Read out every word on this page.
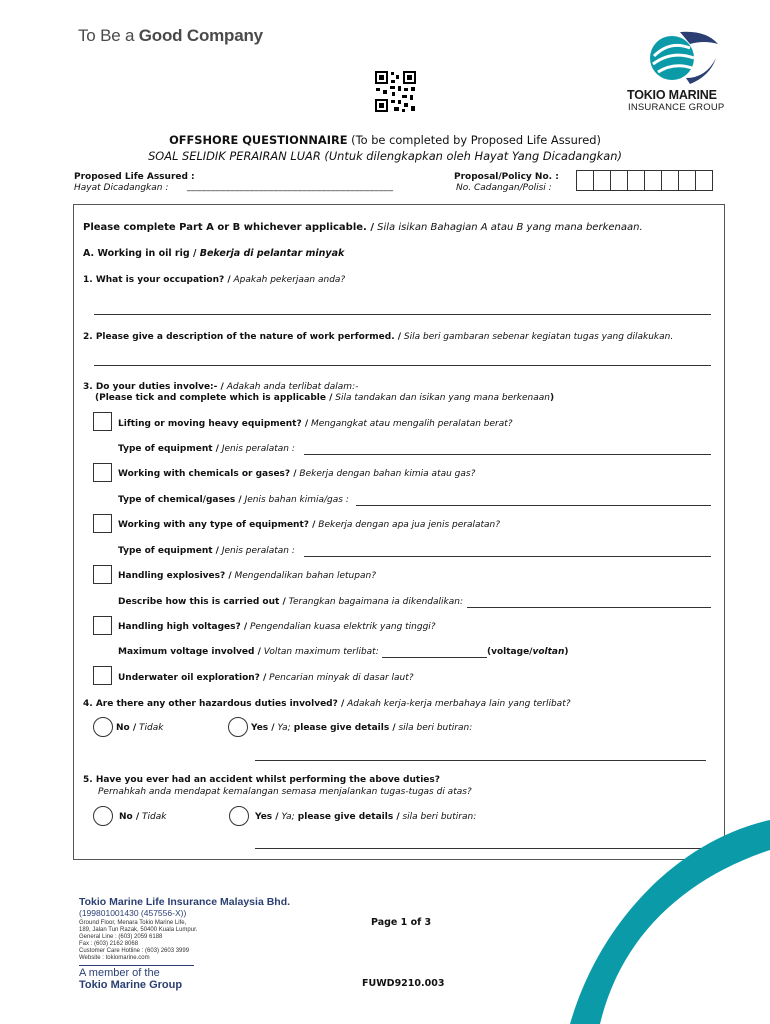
To Be a Good Company
TOKIO MARINE
INSURANCE GROUP
OFFSHORE QUESTIONNAIRE (To be completed by Proposed Life Assured)
SOAL SELIDIK PERAIRAN LUAR (Untuk dilengkapkan oleh Hayat Yang Dicadangkan)
Proposed Life Assured :
Hayat Dicadangkan : ___________________________________________
Proposal/Policy No. :
No. Cadangan/Polisi :
Please complete Part A or B whichever applicable. / Sila isikan Bahagian A atau B yang mana berkenaan.
A. Working in oil rig / Bekerja di pelantar minyak
1. What is your occupation? / Apakah pekerjaan anda?
2. Please give a description of the nature of work performed. / Sila beri gambaran sebenar kegiatan tugas yang dilakukan.
3. Do your duties involve:- / Adakah anda terlibat dalam:-
(Please tick and complete which is applicable / Sila tandakan dan isikan yang mana berkenaan)
Lifting or moving heavy equipment? / Mengangkat atau mengalih peralatan berat?
Type of equipment / Jenis peralatan :
Working with chemicals or gases? / Bekerja dengan bahan kimia atau gas?
Type of chemical/gases / Jenis bahan kimia/gas :
Working with any type of equipment? / Bekerja dengan apa jua jenis peralatan?
Type of equipment / Jenis peralatan :
Handling explosives? / Mengendalikan bahan letupan?
Describe how this is carried out / Terangkan bagaimana ia dikendalikan:
Handling high voltages? / Pengendalian kuasa elektrik yang tinggi?
Maximum voltage involved / Voltan maximum terlibat:	(voltage/voltan)
Underwater oil exploration? / Pencarian minyak di dasar laut?
4. Are there any other hazardous duties involved? / Adakah kerja-kerja merbahaya lain yang terlibat?
No / Tidak	Yes / Ya; please give details / sila beri butiran:
5. Have you ever had an accident whilst performing the above duties?
Pernahkah anda mendapat kemalangan semasa menjalankan tugas-tugas di atas?
No / Tidak	Yes / Ya; please give details / sila beri butiran:
Tokio Marine Life Insurance Malaysia Bhd.
(199801001430 (457556-X))
Ground Floor, Menara Tokio Marine Life,
189, Jalan Tun Razak, 50400 Kuala Lumpur.
General Line : (603) 2059 6188
Fax : (603) 2162 8068
Customer Care Hotline : (603) 2603 3999
Website : tokiomarine.com
A member of the
Tokio Marine Group
Page 1 of 3
FUWD9210.003
